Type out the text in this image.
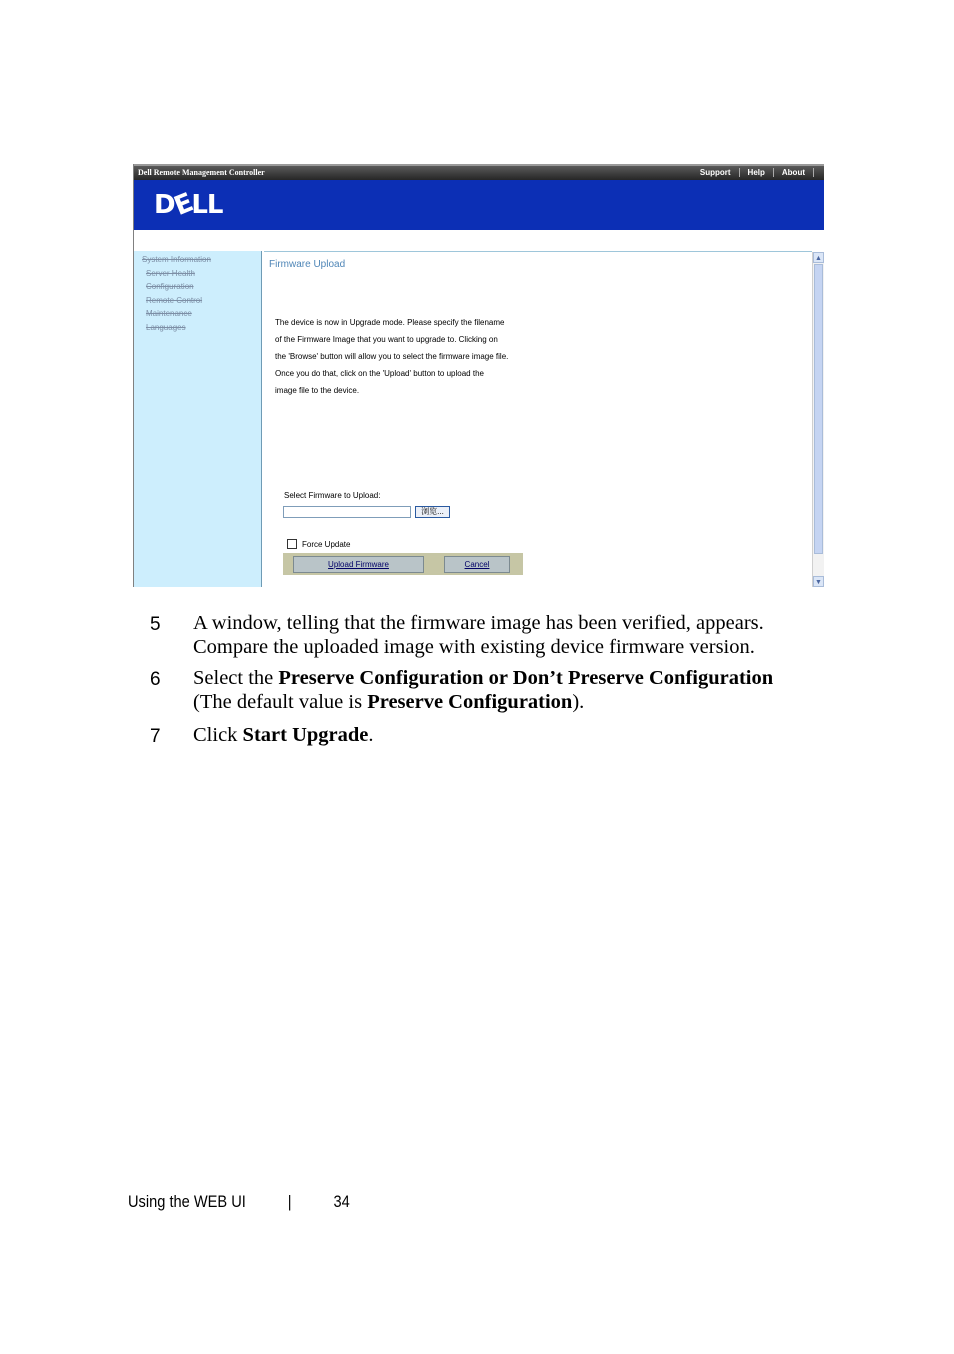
Dell Remote Management Controller	Support	Help	About
DELL
System Information
Server Health
Configuration
Remote Control
Maintenance
Languages
Firmware Upload
The device is now in Upgrade mode. Please specify the filename
of the Firmware Image that you want to upgrade to. Clicking on
the 'Browse' button will allow you to select the firmware image file.
Once you do that, click on the 'Upload' button to upload the
image file to the device.
Select Firmware to Upload:
浏览...
Force Update
Upload Firmware	Cancel
▲
▼
5	A window, telling that the firmware image has been verified, appears.
Compare the uploaded image with existing device firmware version.
6	Select the Preserve Configuration or Don’t Preserve Configuration
(The default value is Preserve Configuration).
7	Click Start Upgrade.
Using the WEB UI | 34
